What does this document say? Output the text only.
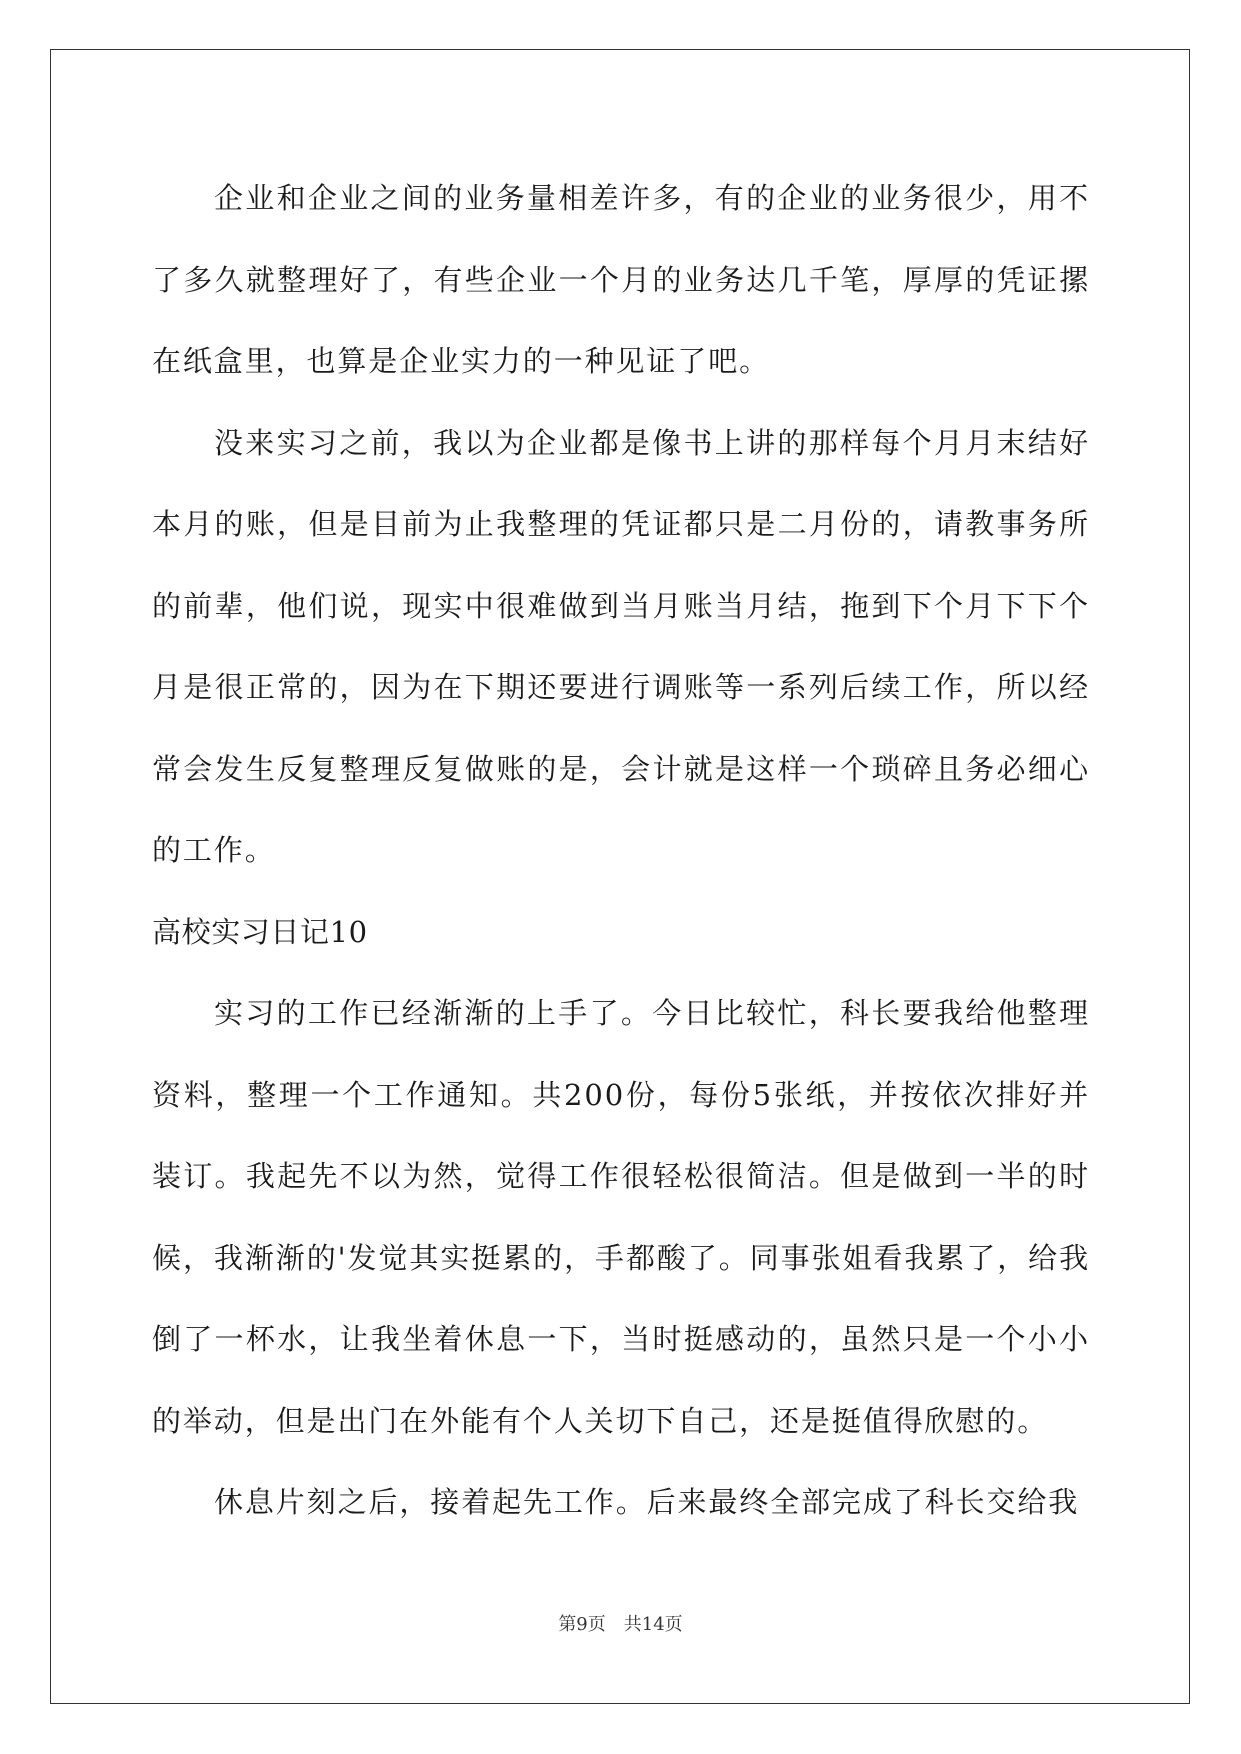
企业和企业之间的业务量相差许多，有的企业的业务很少，用不了多久就整理好了，有些企业一个月的业务达几千笔，厚厚的凭证摞在纸盒里，也算是企业实力的一种见证了吧。

没来实习之前，我以为企业都是像书上讲的那样每个月月末结好本月的账，但是目前为止我整理的凭证都只是二月份的，请教事务所的前辈，他们说，现实中很难做到当月账当月结，拖到下个月下下个月是很正常的，因为在下期还要进行调账等一系列后续工作，所以经常会发生反复整理反复做账的是，会计就是这样一个琐碎且务必细心的工作。

高校实习日记10

实习的工作已经渐渐的上手了。今日比较忙，科长要我给他整理资料，整理一个工作通知。共200份，每份5张纸，并按依次排好并装订。我起先不以为然，觉得工作很轻松很简洁。但是做到一半的时候，我渐渐的'发觉其实挺累的，手都酸了。同事张姐看我累了，给我倒了一杯水，让我坐着休息一下，当时挺感动的，虽然只是一个小小的举动，但是出门在外能有个人关切下自己，还是挺值得欣慰的。

休息片刻之后，接着起先工作。后来最终全部完成了科长交给我

第9页　共14页
